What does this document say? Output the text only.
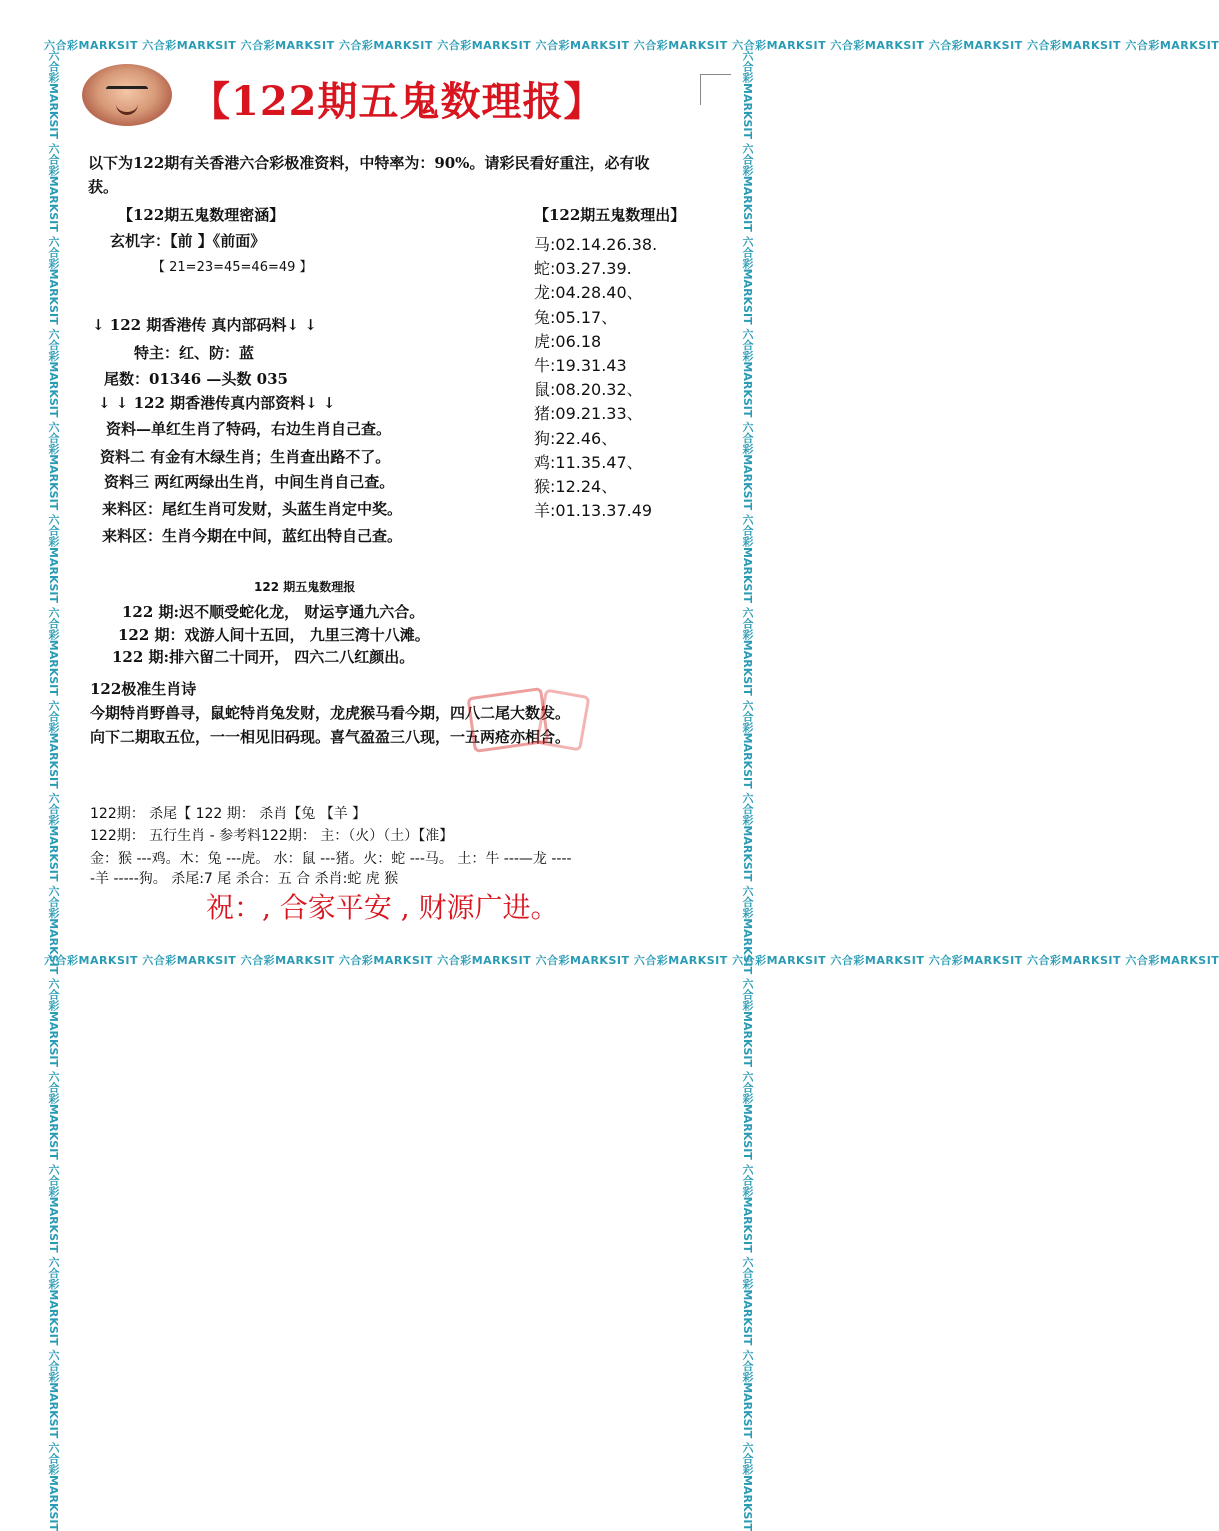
六合彩MARKSIT 六合彩MARKSIT 六合彩MARKSIT 六合彩MARKSIT 六合彩MARKSIT 六合彩MARKSIT 六合彩MARKSIT 六合彩MARKSIT 六合彩MARKSIT 六合彩MARKSIT 六合彩MARKSIT 六合彩MARKSIT
六合彩MARKSIT 六合彩MARKSIT 六合彩MARKSIT 六合彩MARKSIT 六合彩MARKSIT 六合彩MARKSIT 六合彩MARKSIT 六合彩MARKSIT 六合彩MARKSIT 六合彩MARKSIT 六合彩MARKSIT 六合彩MARKSIT
六合彩MARKSIT 六合彩MARKSIT 六合彩MARKSIT 六合彩MARKSIT 六合彩MARKSIT 六合彩MARKSIT 六合彩MARKSIT 六合彩MARKSIT 六合彩MARKSIT 六合彩MARKSIT 六合彩MARKSIT 六合彩MARKSIT 六合彩MARKSIT 六合彩MARKSIT 六合彩MARKSIT 六合彩MARKSIT	六合彩MARKSIT 六合彩MARKSIT 六合彩MARKSIT 六合彩MARKSIT 六合彩MARKSIT 六合彩MARKSIT 六合彩MARKSIT 六合彩MARKSIT 六合彩MARKSIT 六合彩MARKSIT 六合彩MARKSIT 六合彩MARKSIT 六合彩MARKSIT 六合彩MARKSIT 六合彩MARKSIT 六合彩MARKSIT
【122期五鬼数理报】
以下为122期有关香港六合彩极准资料，中特率为：90%。请彩民看好重注，必有收
获。
【122期五鬼数理密涵】
玄机字：【前 】《前面》
【 21=23=45=46=49 】
↓ 122 期香港传 真内部码料↓ ↓
特主：红、防：蓝
尾数：01346 —头数 035
↓ ↓ 122 期香港传真内部资料↓ ↓
资料—单红生肖了特码，右边生肖自己查。
资料二 有金有木绿生肖；生肖查出路不了。
资料三 两红两绿出生肖，中间生肖自己查。
来料区：尾红生肖可发财，头蓝生肖定中奖。
来料区：生肖今期在中间，蓝红出特自己查。
【122期五鬼数理出】
马:02.14.26.38.
蛇:03.27.39.
龙:04.28.40、
兔:05.17、
虎:06.18
牛:19.31.43
鼠:08.20.32、
猪:09.21.33、
狗:22.46、
鸡:11.35.47、
猴:12.24、
羊:01.13.37.49
122 期五鬼数理报
122 期:迟不顺受蛇化龙， 财运亨通九六合。
122 期：戏游人间十五回， 九里三湾十八滩。
122 期:排六留二十同开， 四六二八红颜出。
122极准生肖诗
今期特肖野兽寻，鼠蛇特肖兔发财，龙虎猴马看今期，四八二尾大数发。
向下二期取五位，一一相见旧码现。喜气盈盈三八现，一五两疮亦相合。
122期： 杀尾【 122 期： 杀肖【兔 【羊 】
122期： 五行生肖 - 参考料122期： 主：（火）（土）【准】
金：猴 ---鸡。木：兔 ---虎。 水：鼠 ---猪。火：蛇 ---马。 土：牛 ---—龙 ----
-羊 -----狗。 杀尾:7 尾 杀合：五 合 杀肖:蛇 虎 猴
祝：, 合家平安 , 财源广进。
